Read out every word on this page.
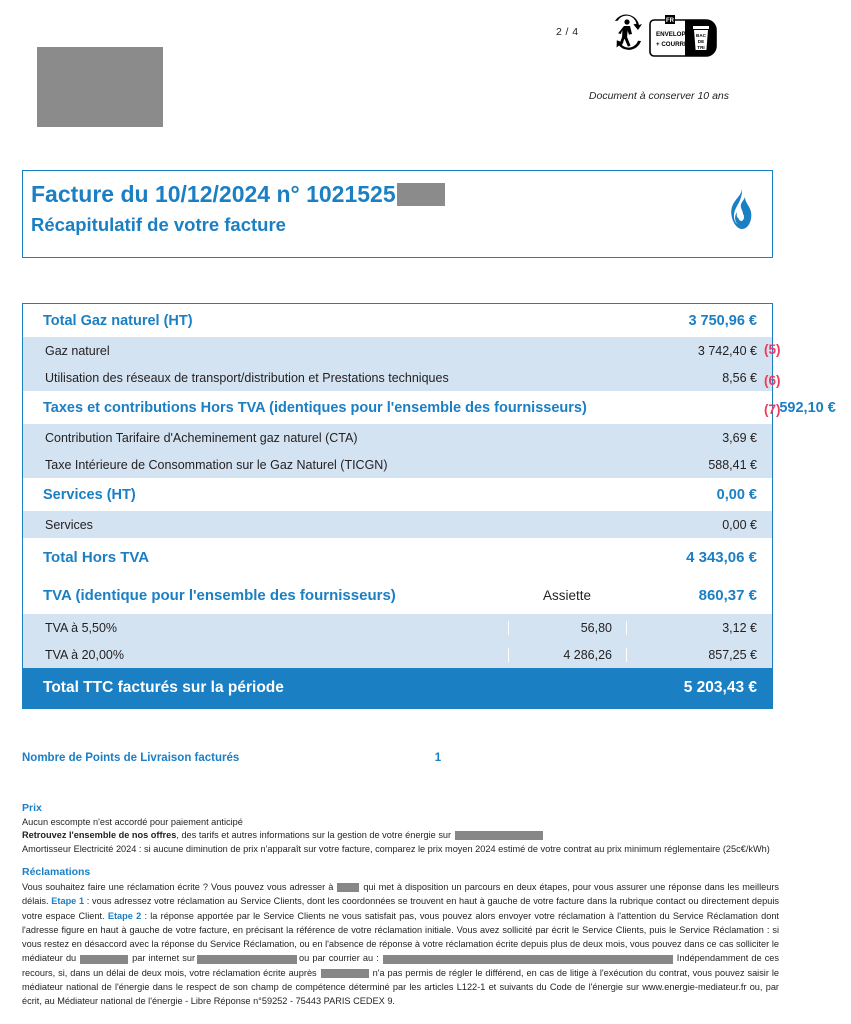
2 / 4
FR
ENVELOPPE
+ COURRIER
BAC
DE
TRI
Document à conserver 10 ans
Facture du 10/12/2024 n° 1021525
Récapitulatif de votre facture
Total Gaz naturel (HT)	3 750,96 €
Gaz naturel	3 742,40 €
Utilisation des réseaux de transport/distribution et Prestations techniques	8,56 €
Taxes et contributions Hors TVA (identiques pour l'ensemble des fournisseurs)	592,10 €
Contribution Tarifaire d'Acheminement gaz naturel (CTA)	3,69 €
Taxe Intérieure de Consommation sur le Gaz Naturel (TICGN)	588,41 €
Services (HT)	0,00 €
Services	0,00 €
Total Hors TVA	4 343,06 €
TVA (identique pour l'ensemble des fournisseurs)	Assiette	860,37 €
TVA à 5,50%	56,80	3,12 €
TVA à 20,00%	4 286,26	857,25 €
Total TTC facturés sur la période	5 203,43 €
(5)
(6)
(7)
Nombre de Points de Livraison facturés	1
Prix
Aucun escompte n'est accordé pour paiement anticipé
Retrouvez l'ensemble de nos offres, des tarifs et autres informations sur la gestion de votre énergie sur
Amortisseur Electricité 2024 : si aucune diminution de prix n'apparaît sur votre facture, comparez le prix moyen 2024 estimé de votre contrat au prix minimum réglementaire (25c€/kWh)
Réclamations
Vous souhaitez faire une réclamation écrite ? Vous pouvez vous adresser à	qui met à disposition un parcours en deux étapes, pour vous assurer une réponse dans les meilleurs délais. Etape 1 : vous adressez votre réclamation au Service Clients, dont les coordonnées se trouvent en haut à gauche de votre facture dans la rubrique contact ou directement depuis votre espace Client. Etape 2 : la réponse apportée par le Service Clients ne vous satisfait pas, vous pouvez alors envoyer votre réclamation à l'attention du Service Réclamation dont l'adresse figure en haut à gauche de votre facture, en précisant la référence de votre réclamation initiale. Vous avez sollicité par écrit le Service Clients, puis le Service Réclamation : si vous restez en désaccord avec la réponse du Service Réclamation, ou en l'absence de réponse à votre réclamation écrite depuis plus de deux mois, vous pouvez dans ce cas solliciter le médiateur du	par internet sur	ou par courrier au :	Indépendamment de ces recours, si, dans un délai de deux mois, votre réclamation écrite auprès	n'a pas permis de régler le différend, en cas de litige à l'exécution du contrat, vous pouvez saisir le médiateur national de l'énergie dans le respect de son champ de compétence déterminé par les articles L122-1 et suivants du Code de l'énergie sur www.energie-mediateur.fr ou, par écrit, au Médiateur national de l'énergie - Libre Réponse n°59252 - 75443 PARIS CEDEX 9.
